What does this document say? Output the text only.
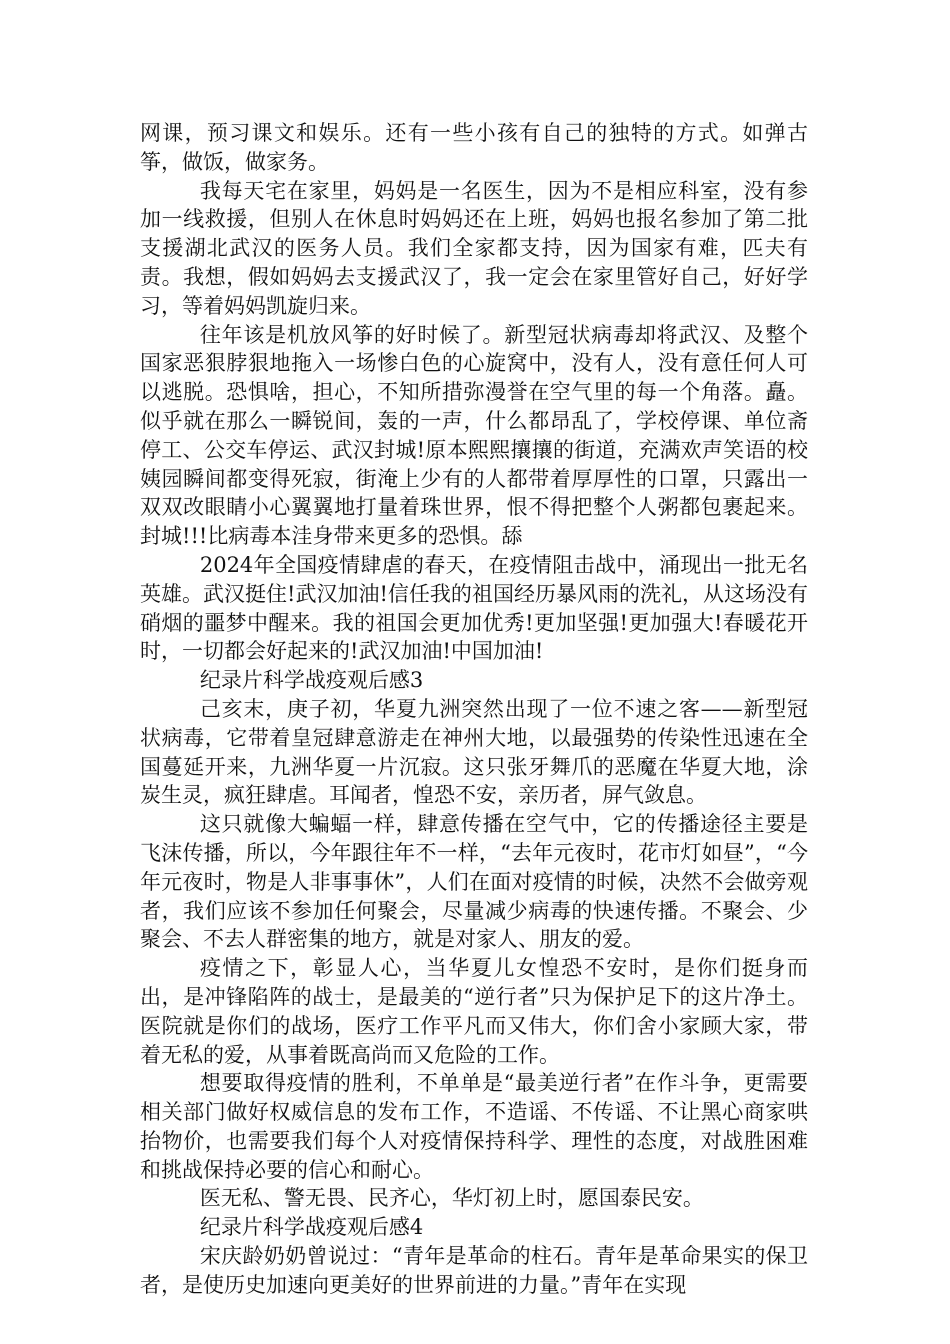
网课，预习课文和娱乐。还有一些小孩有自己的独特的方式。如弹古筝，做饭，做家务。

我每天宅在家里，妈妈是一名医生，因为不是相应科室，没有参加一线救援，但别人在休息时妈妈还在上班，妈妈也报名参加了第二批支援湖北武汉的医务人员。我们全家都支持，因为国家有难，匹夫有责。我想，假如妈妈去支援武汉了，我一定会在家里管好自己，好好学习，等着妈妈凯旋归来。

往年该是机放风筝的好时候了。新型冠状病毒却将武汉、及整个国家恶狠脖狠地拖入一场惨白色的心旋窝中，没有人，没有意任何人可以逃脱。恐惧啥，担心，不知所措弥漫誉在空气里的每一个角落。矗。似乎就在那么一瞬锐间，轰的一声，什么都昂乱了，学校停课、单位斋停工、公交车停运、武汉封城!原本熙熙攘攘的街道，充满欢声笑语的校姨园瞬间都变得死寂，街淹上少有的人都带着厚厚性的口罩，只露出一双双改眼睛小心翼翼地打量着珠世界，恨不得把整个人粥都包裹起来。封城!!!比病毒本洼身带来更多的恐惧。舔

2024年全国疫情肆虐的春天，在疫情阻击战中，涌现出一批无名英雄。武汉挺住!武汉加油!信任我的祖国经历暴风雨的洗礼，从这场没有硝烟的噩梦中醒来。我的祖国会更加优秀!更加坚强!更加强大!春暖花开时，一切都会好起来的!武汉加油!中国加油!

纪录片科学战疫观后感3

己亥末，庚子初，华夏九洲突然出现了一位不速之客——新型冠状病毒，它带着皇冠肆意游走在神州大地，以最强势的传染性迅速在全国蔓延开来，九洲华夏一片沉寂。这只张牙舞爪的恶魔在华夏大地，涂炭生灵，疯狂肆虐。耳闻者，惶恐不安，亲历者，屏气敛息。

这只就像大蝙蝠一样，肆意传播在空气中，它的传播途径主要是飞沫传播，所以，今年跟往年不一样，“去年元夜时，花市灯如昼”，“今年元夜时，物是人非事事休”，人们在面对疫情的时候，决然不会做旁观者，我们应该不参加任何聚会，尽量减少病毒的快速传播。不聚会、少聚会、不去人群密集的地方，就是对家人、朋友的爱。

疫情之下，彰显人心，当华夏儿女惶恐不安时，是你们挺身而出，是冲锋陷阵的战士，是最美的“逆行者”只为保护足下的这片净土。医院就是你们的战场，医疗工作平凡而又伟大，你们舍小家顾大家，带着无私的爱，从事着既高尚而又危险的工作。

想要取得疫情的胜利，不单单是“最美逆行者”在作斗争，更需要相关部门做好权威信息的发布工作，不造谣、不传谣、不让黑心商家哄抬物价，也需要我们每个人对疫情保持科学、理性的态度，对战胜困难和挑战保持必要的信心和耐心。

医无私、警无畏、民齐心，华灯初上时，愿国泰民安。

纪录片科学战疫观后感4

宋庆龄奶奶曾说过：“青年是革命的柱石。青年是革命果实的保卫者，是使历史加速向更美好的世界前进的力量。”青年在实现
